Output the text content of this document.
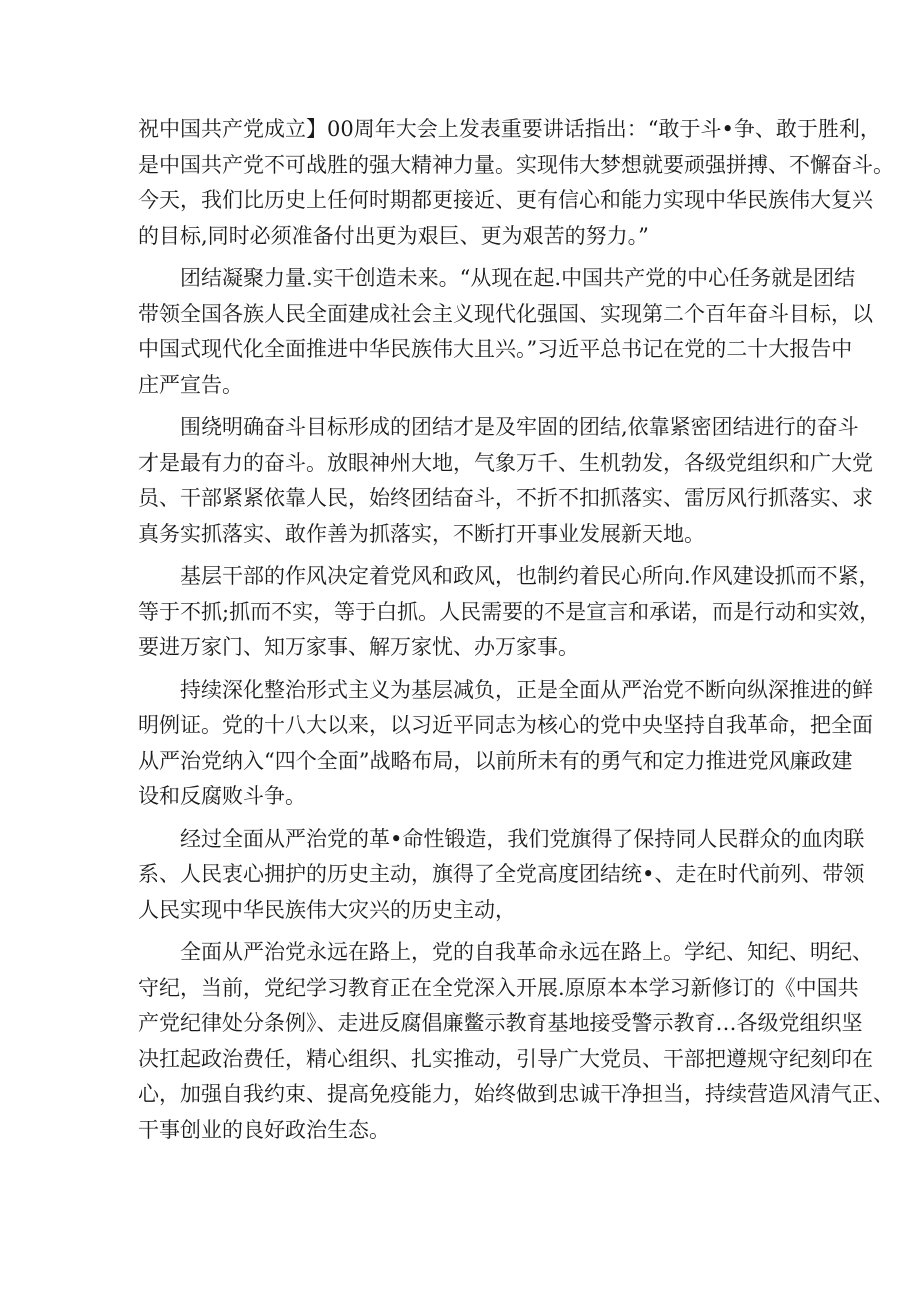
祝中国共产党成立】00周年大会上发表重要讲话指出：“敢于斗•争、敢于胜利，
是中国共产党不可战胜的强大精神力量。实现伟大梦想就要顽强拼搏、不懈奋斗。
今天，我们比历史上任何时期都更接近、更有信心和能力实现中华民族伟大复兴
的目标,同时必须准备付出更为艰巨、更为艰苦的努力。”
团结凝聚力量.实干创造未来。“从现在起.中国共产党的中心任务就是团结
带领全国各族人民全面建成社会主义现代化强国、实现第二个百年奋斗目标，以
中国式现代化全面推进中华民族伟大且兴。”习近平总书记在党的二十大报告中
庄严宣告。
围绕明确奋斗目标形成的团结才是及牢固的团结,依靠紧密团结进行的奋斗
才是最有力的奋斗。放眼神州大地，气象万千、生机勃发，各级党组织和广大党
员、干部紧紧依靠人民，始终团结奋斗，不折不扣抓落实、雷厉风行抓落实、求
真务实抓落实、敢作善为抓落实，不断打开事业发展新天地。
基层干部的作风决定着党风和政风，也制约着民心所向.作风建设抓而不紧，
等于不抓;抓而不实，等于白抓。人民需要的不是宣言和承诺，而是行动和实效，
要进万家门、知万家事、解万家忧、办万家事。
持续深化整治形式主义为基层减负，正是全面从严治党不断向纵深推进的鲜
明例证。党的十八大以来，以习近平同志为核心的党中央坚持自我革命，把全面
从严治党纳入“四个全面”战略布局，以前所未有的勇气和定力推进党风廉政建
设和反腐败斗争。
经过全面从严治党的革•命性锻造，我们党旗得了保持同人民群众的血肉联
系、人民衷心拥护的历史主动，旗得了全党高度团结统•、走在时代前列、带领
人民实现中华民族伟大灾兴的历史主动，
全面从严治党永远在路上，党的自我革命永远在路上。学纪、知纪、明纪、
守纪，当前，党纪学习教育正在全党深入开展.原原本本学习新修订的《中国共
产党纪律处分条例》、走进反腐倡廉鳖示教育基地接受警示教育…各级党组织坚
决扛起政治费任，精心组织、扎实推动，引导广大党员、干部把遵规守纪刻印在
心，加强自我约束、提高免疫能力，始终做到忠诚干净担当，持续营造风清气正、
干事创业的良好政治生态。
